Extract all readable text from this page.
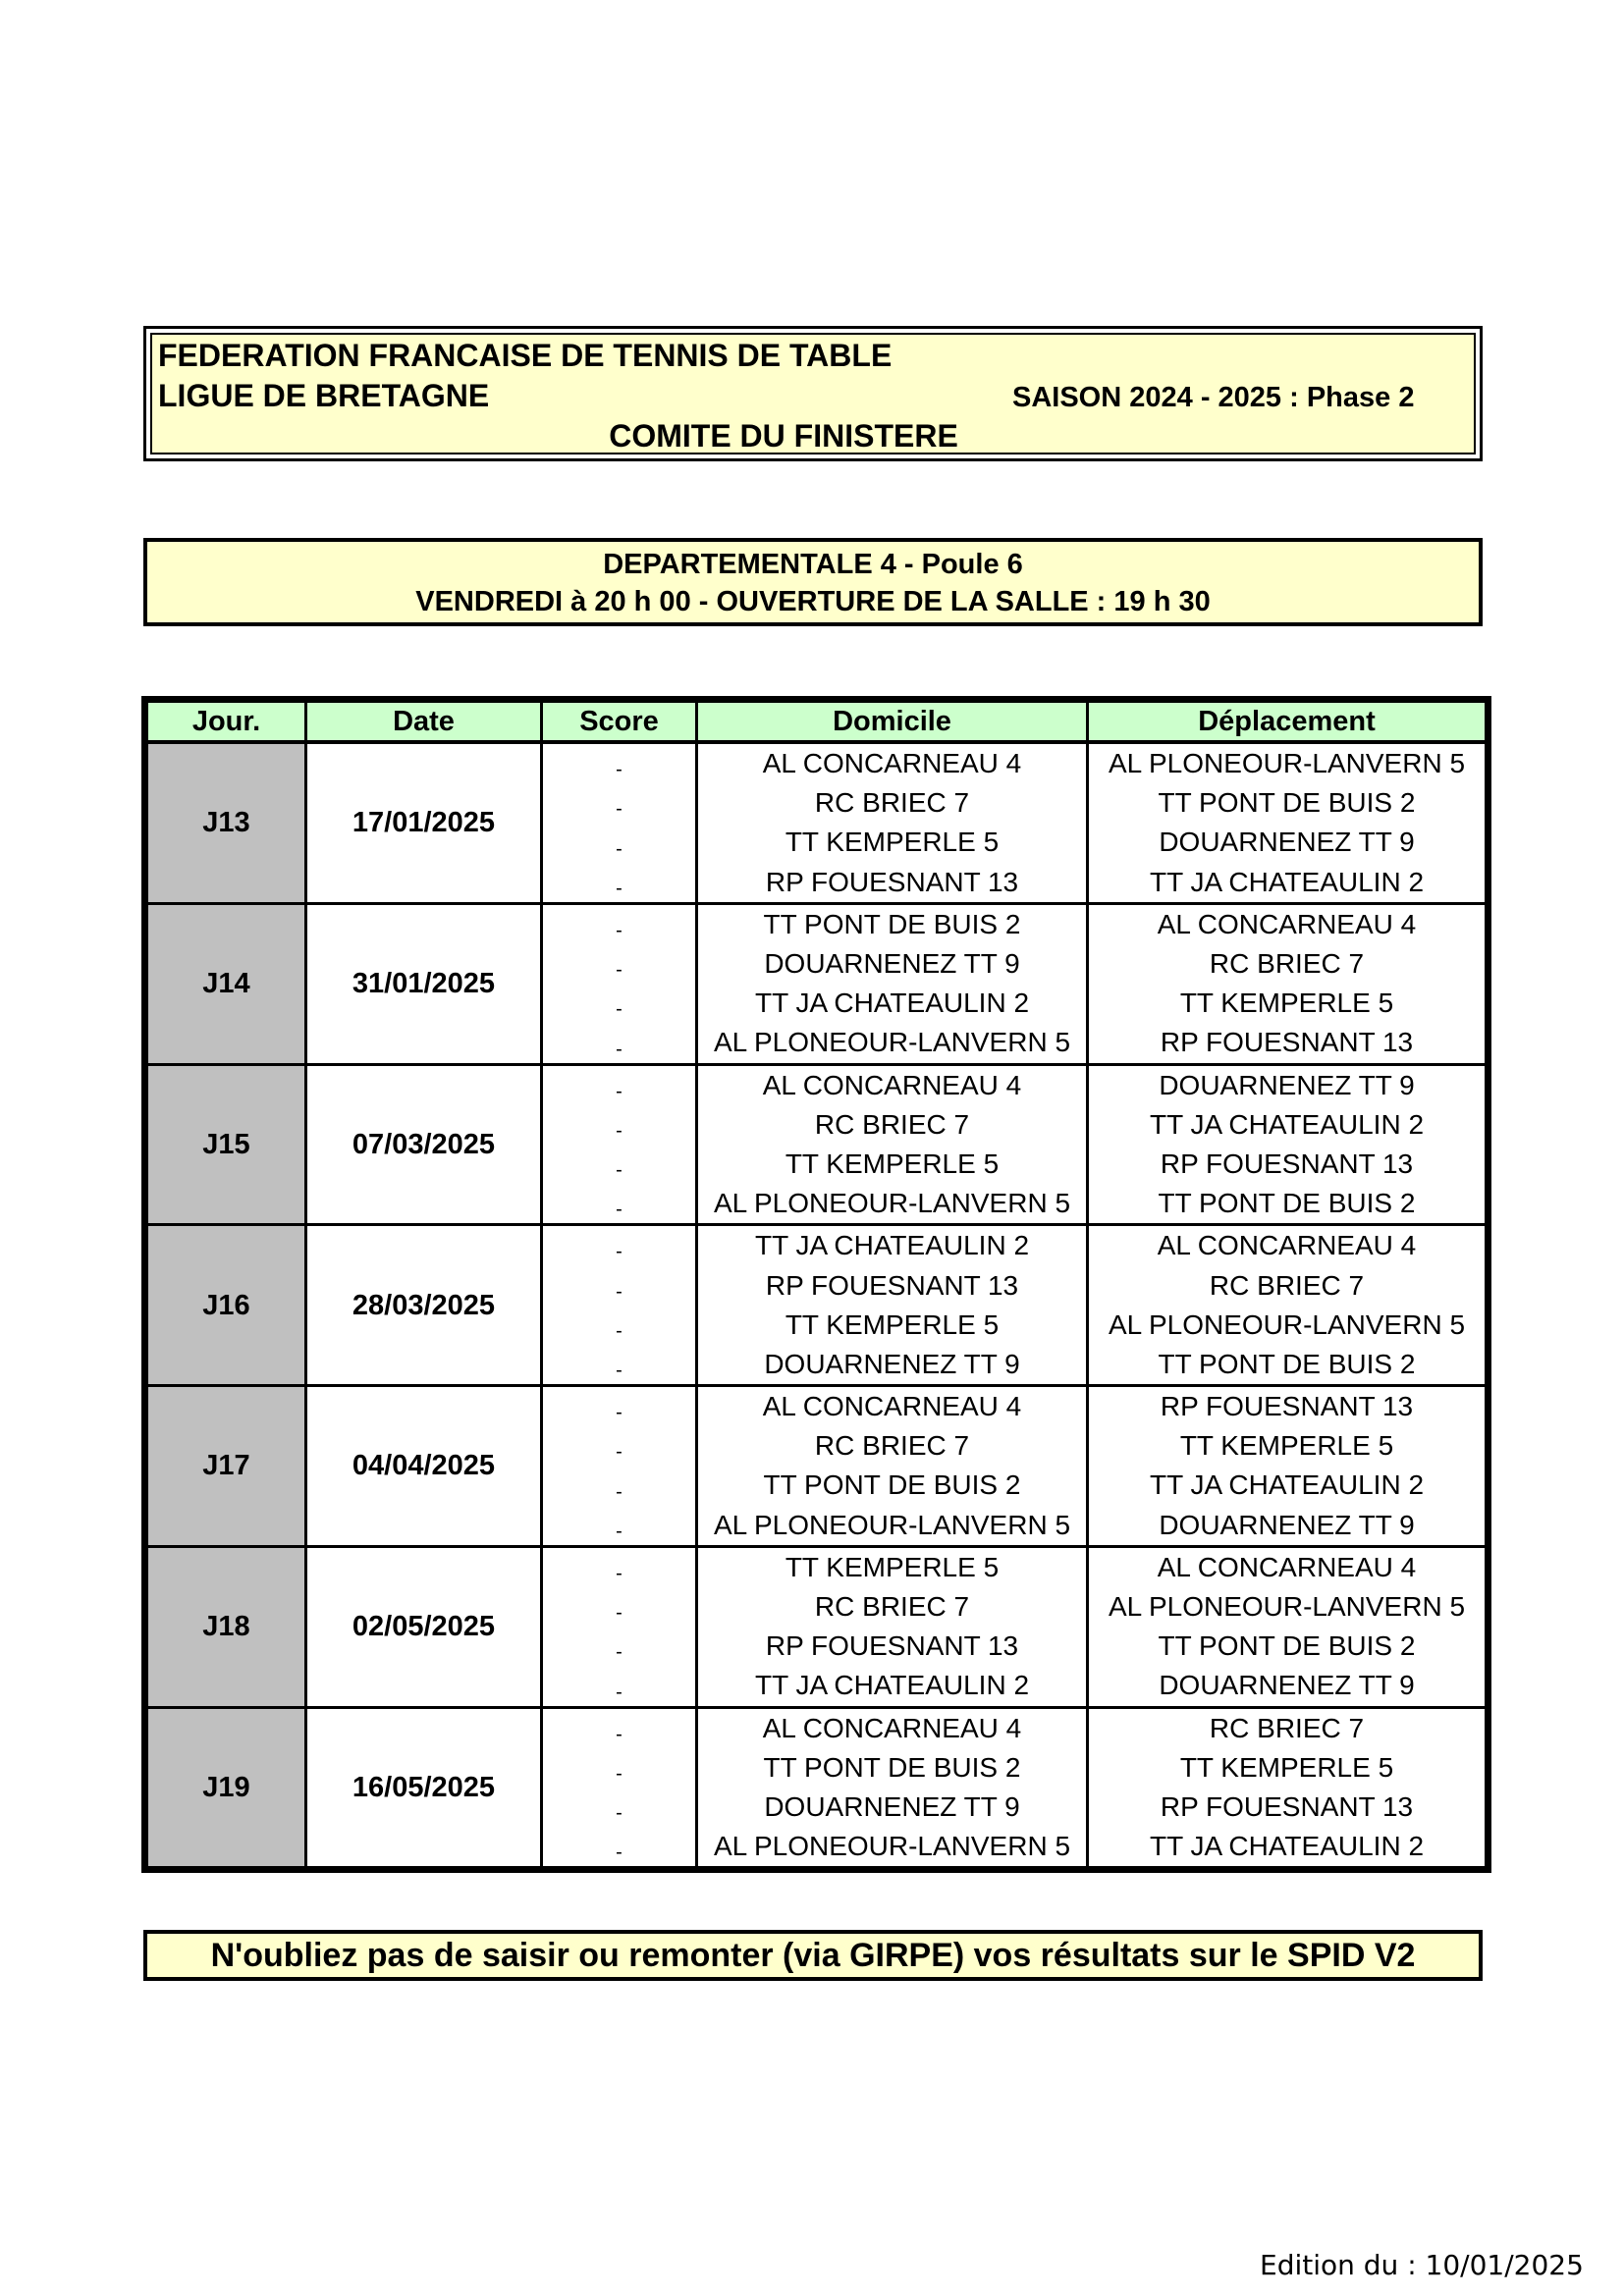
FEDERATION FRANCAISE DE TENNIS DE TABLE
LIGUE DE BRETAGNE	SAISON 2024 - 2025 : Phase 2
COMITE DU FINISTERE
DEPARTEMENTALE 4 - Poule 6
VENDREDI à 20 h 00 - OUVERTURE DE LA SALLE : 19 h 30
Jour.	Date	Score	Domicile	Déplacement
J13	17/01/2025	-	AL CONCARNEAU 4	AL PLONEOUR-LANVERN 5
		-	RC BRIEC 7	TT PONT DE BUIS 2
		-	TT KEMPERLE 5	DOUARNENEZ TT 9
		-	RP FOUESNANT 13	TT JA CHATEAULIN 2
J14	31/01/2025	-	TT PONT DE BUIS 2	AL CONCARNEAU 4
		-	DOUARNENEZ TT 9	RC BRIEC 7
		-	TT JA CHATEAULIN 2	TT KEMPERLE 5
		-	AL PLONEOUR-LANVERN 5	RP FOUESNANT 13
J15	07/03/2025	-	AL CONCARNEAU 4	DOUARNENEZ TT 9
		-	RC BRIEC 7	TT JA CHATEAULIN 2
		-	TT KEMPERLE 5	RP FOUESNANT 13
		-	AL PLONEOUR-LANVERN 5	TT PONT DE BUIS 2
J16	28/03/2025	-	TT JA CHATEAULIN 2	AL CONCARNEAU 4
		-	RP FOUESNANT 13	RC BRIEC 7
		-	TT KEMPERLE 5	AL PLONEOUR-LANVERN 5
		-	DOUARNENEZ TT 9	TT PONT DE BUIS 2
J17	04/04/2025	-	AL CONCARNEAU 4	RP FOUESNANT 13
		-	RC BRIEC 7	TT KEMPERLE 5
		-	TT PONT DE BUIS 2	TT JA CHATEAULIN 2
		-	AL PLONEOUR-LANVERN 5	DOUARNENEZ TT 9
J18	02/05/2025	-	TT KEMPERLE 5	AL CONCARNEAU 4
		-	RC BRIEC 7	AL PLONEOUR-LANVERN 5
		-	RP FOUESNANT 13	TT PONT DE BUIS 2
		-	TT JA CHATEAULIN 2	DOUARNENEZ TT 9
J19	16/05/2025	-	AL CONCARNEAU 4	RC BRIEC 7
		-	TT PONT DE BUIS 2	TT KEMPERLE 5
		-	DOUARNENEZ TT 9	RP FOUESNANT 13
		-	AL PLONEOUR-LANVERN 5	TT JA CHATEAULIN 2
N'oubliez pas de saisir ou remonter (via GIRPE) vos résultats sur le SPID V2
Edition du : 10/01/2025
